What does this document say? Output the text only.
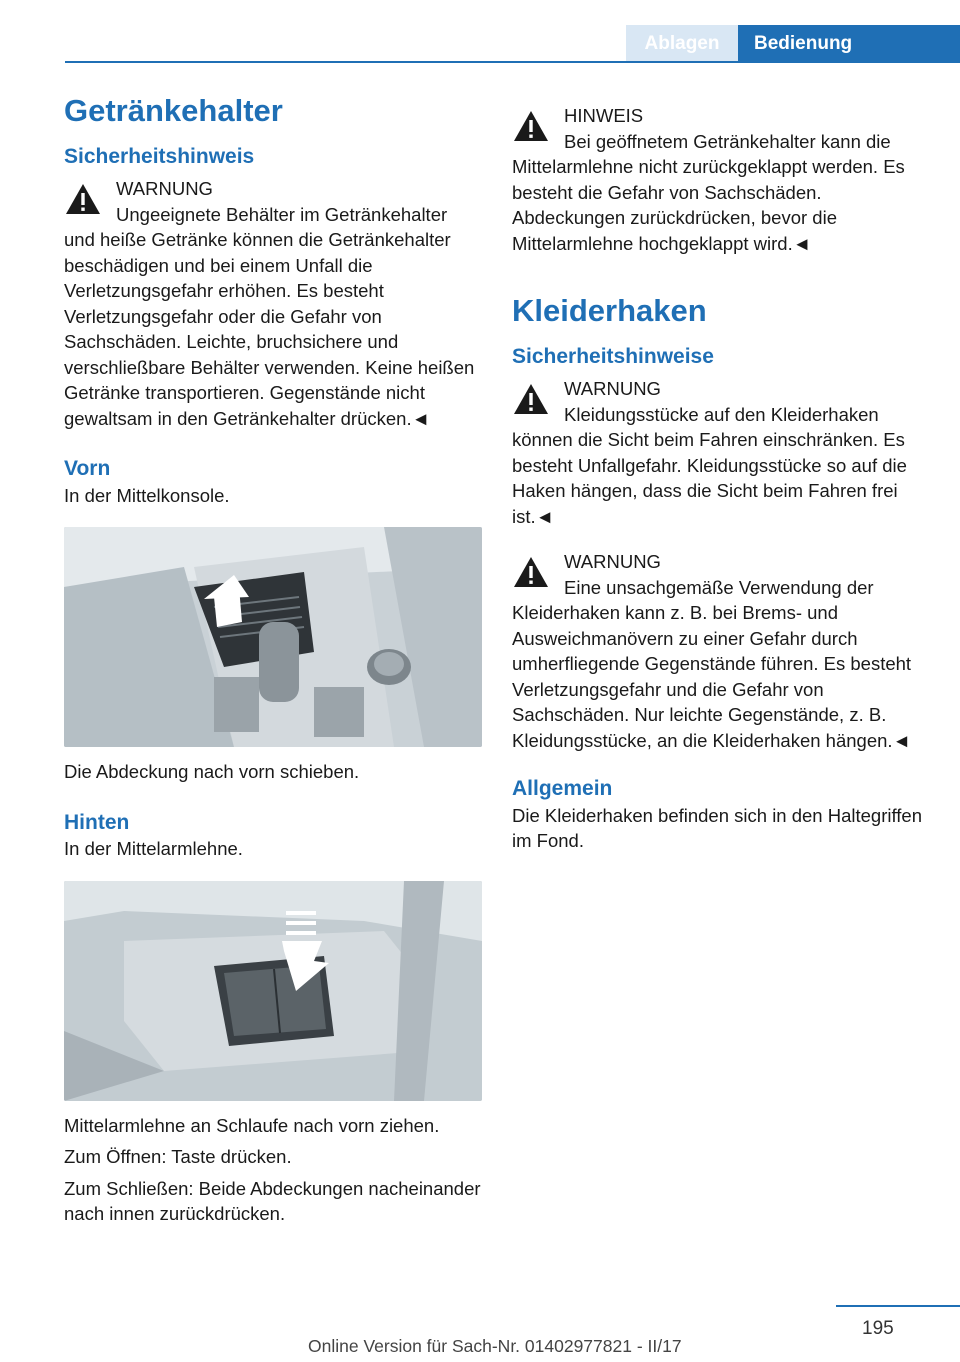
Ablagen	Bedienung
Getränkehalter
Sicherheitshinweis

WARNUNG

Ungeeignete Behälter im Getränkehalter

und heiße Getränke können die Getränkehalter beschädigen und bei einem Unfall die Verletzungsgefahr erhöhen. Es besteht Verletzungsgefahr oder die Gefahr von Sachschäden. Leichte, bruchsichere und verschließbare Behälter verwenden. Keine heißen Getränke transportieren. Gegenstände nicht gewaltsam in den Getränkehalter drücken.◄

Vorn

In der Mittelkonsole.

Die Abdeckung nach vorn schieben.

Hinten

In der Mittelarmlehne.

Mittelarmlehne an Schlaufe nach vorn ziehen.

Zum Öffnen: Taste drücken.

Zum Schließen: Beide Abdeckungen nacheinander nach innen zurückdrücken.

HINWEIS

Bei geöffnetem Getränkehalter kann die

Mittelarmlehne nicht zurückgeklappt werden. Es besteht die Gefahr von Sachschäden. Abdeckungen zurückdrücken, bevor die Mittelarmlehne hochgeklappt wird.◄

Kleiderhaken
Sicherheitshinweise

WARNUNG

Kleidungsstücke auf den Kleiderhaken

können die Sicht beim Fahren einschränken. Es besteht Unfallgefahr. Kleidungsstücke so auf die Haken hängen, dass die Sicht beim Fahren frei ist.◄

WARNUNG

Eine unsachgemäße Verwendung der

Kleiderhaken kann z. B. bei Brems- und Ausweichmanövern zu einer Gefahr durch umherfliegende Gegenstände führen. Es besteht Verletzungsgefahr und die Gefahr von Sachschäden. Nur leichte Gegenstände, z. B. Kleidungsstücke, an die Kleiderhaken hängen.◄

Allgemein

Die Kleiderhaken befinden sich in den Haltegriffen im Fond.

195
Online Version für Sach-Nr. 01402977821 - II/17
